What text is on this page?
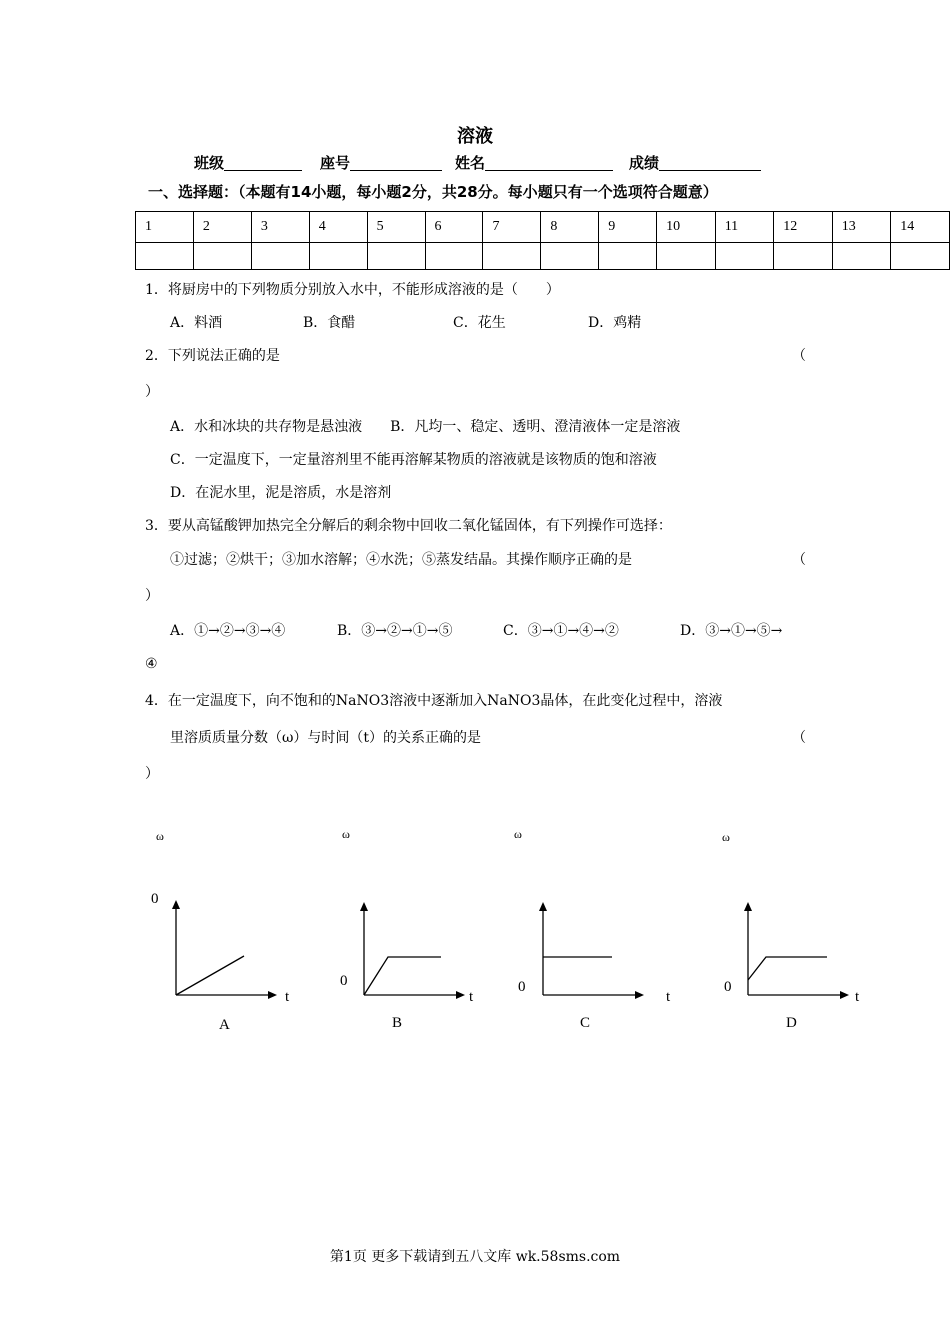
溶液
班级	座号	姓名	成绩
一、选择题：（本题有14小题，每小题2分，共28分。每小题只有一个选项符合题意）
1	2	3	4	5	6	7	8	9	10	11	12	13	14

1．将厨房中的下列物质分别放入水中，不能形成溶液的是（　　）
A．料酒	B．食醋	C．花生	D．鸡精
2．下列说法正确的是	（
）
A．水和冰块的共存物是悬浊液　　B．凡均一、稳定、透明、澄清液体一定是溶液
C．一定温度下，一定量溶剂里不能再溶解某物质的溶液就是该物质的饱和溶液
D．在泥水里，泥是溶质，水是溶剂
3．要从高锰酸钾加热完全分解后的剩余物中回收二氧化锰固体，有下列操作可选择：
①过滤；②烘干；③加水溶解；④水洗；⑤蒸发结晶。其操作顺序正确的是	（
）
A．①→②→③→④	B．③→②→①→⑤	C．③→①→④→②	D．③→①→⑤→
④
4．在一定温度下，向不饱和的NaNO3溶液中逐渐加入NaNO3晶体，在此变化过程中，溶液
里溶质质量分数（ω）与时间（t）的关系正确的是	（
）
ω
0
t
A
ω
0
t
B
ω
0
t
C
ω
0
t
D
第1页 更多下载请到五八文库 wk.58sms.com
